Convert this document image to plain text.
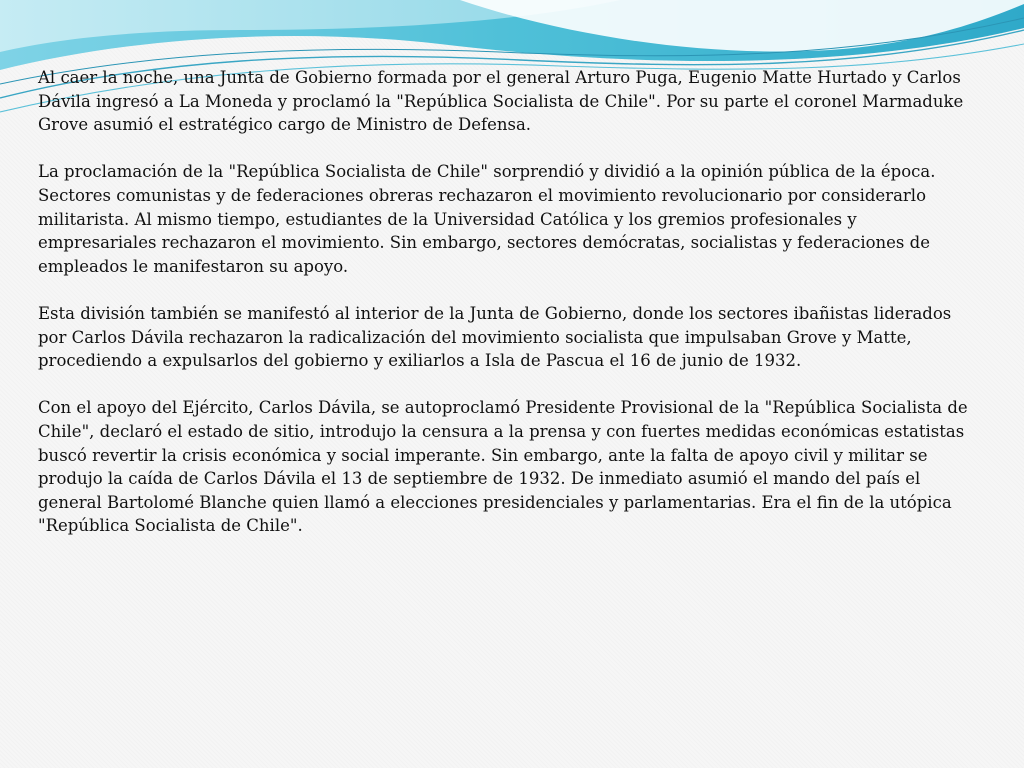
Al caer la noche, una Junta de Gobierno formada por el general Arturo Puga, Eugenio Matte Hurtado y Carlos Dávila ingresó a La Moneda y proclamó la "República Socialista de Chile". Por su parte el coronel Marmaduke Grove asumió el estratégico cargo de Ministro de Defensa.

La proclamación de la "República Socialista de Chile" sorprendió y dividió a la opinión pública de la época. Sectores comunistas y de federaciones obreras rechazaron el movimiento revolucionario por considerarlo militarista. Al mismo tiempo, estudiantes de la Universidad Católica y los gremios profesionales y empresariales rechazaron el movimiento. Sin embargo, sectores demócratas, socialistas y federaciones de empleados le manifestaron su apoyo.

Esta división también se manifestó al interior de la Junta de Gobierno, donde los sectores ibañistas liderados por Carlos Dávila rechazaron la radicalización del movimiento socialista que impulsaban Grove y Matte, procediendo a expulsarlos del gobierno y exiliarlos a Isla de Pascua el 16 de junio de 1932.

Con el apoyo del Ejército, Carlos Dávila, se autoproclamó Presidente Provisional de la "República Socialista de Chile", declaró el estado de sitio, introdujo la censura a la prensa y con fuertes medidas económicas estatistas buscó revertir la crisis económica y social imperante. Sin embargo, ante la falta de apoyo civil y militar se produjo la caída de Carlos Dávila el 13 de septiembre de 1932. De inmediato asumió el mando del país el general Bartolomé Blanche quien llamó a elecciones presidenciales y parlamentarias. Era el fin de la utópica "República Socialista de Chile".
